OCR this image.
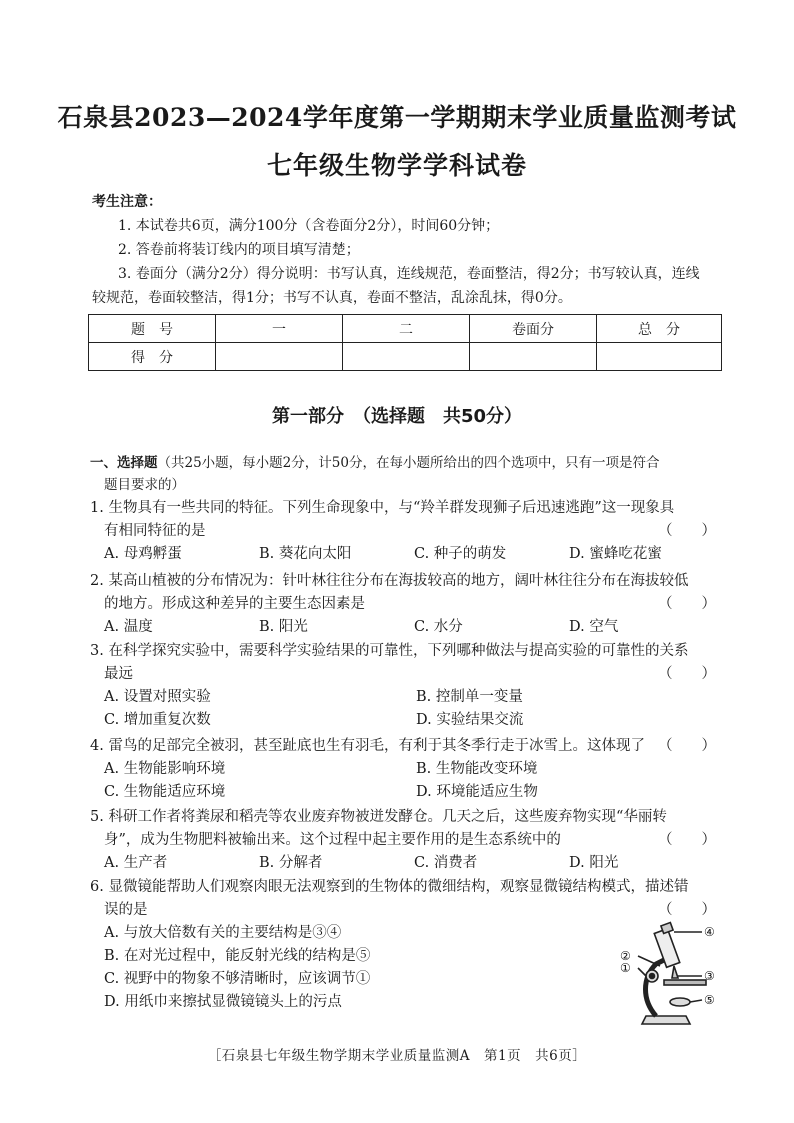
石泉县2023—2024学年度第一学期期末学业质量监测考试
七年级生物学学科试卷
考生注意：
1. 本试卷共6页，满分100分（含卷面分2分），时间60分钟；
2. 答卷前将装订线内的项目填写清楚；
3. 卷面分（满分2分）得分说明：书写认真，连线规范，卷面整洁，得2分；书写较认真，连线
较规范，卷面较整洁，得1分；书写不认真，卷面不整洁，乱涂乱抹，得0分。
题　号	一	二	卷面分	总　分
得　分				
第一部分　（选择题　共50分）
一、选择题（共25小题，每小题2分，计50分，在每小题所给出的四个选项中，只有一项是符合
题目要求的）
1. 生物具有一些共同的特征。下列生命现象中，与“羚羊群发现狮子后迅速逃跑”这一现象具
有相同特征的是	（　　）
A. 母鸡孵蛋	B. 葵花向太阳	C. 种子的萌发	D. 蜜蜂吃花蜜
2. 某高山植被的分布情况为：针叶林往往分布在海拔较高的地方，阔叶林往往分布在海拔较低
的地方。形成这种差异的主要生态因素是	（　　）
A. 温度	B. 阳光	C. 水分	D. 空气
3. 在科学探究实验中，需要科学实验结果的可靠性，下列哪种做法与提高实验的可靠性的关系
最远	（　　）
A. 设置对照实验	B. 控制单一变量
C. 增加重复次数	D. 实验结果交流
4. 雷鸟的足部完全被羽，甚至趾底也生有羽毛，有利于其冬季行走于冰雪上。这体现了 （　　）
A. 生物能影响环境	B. 生物能改变环境
C. 生物能适应环境	D. 环境能适应生物
5. 科研工作者将粪尿和稻壳等农业废弃物被迸发酵仓。几天之后，这些废弃物实现“华丽转
身”，成为生物肥料被输出来。这个过程中起主要作用的是生态系统中的	（　　）
A. 生产者	B. 分解者	C. 消费者	D. 阳光
6. 显微镜能帮助人们观察肉眼无法观察到的生物体的微细结构，观察显微镜结构模式，描述错
误的是	（　　）
A. 与放大倍数有关的主要结构是③④
B. 在对光过程中，能反射光线的结构是⑤
C. 视野中的物象不够清晰时，应该调节①
D. 用纸巾来擦拭显微镜镜头上的污点
④
②
①
③
⑤
［石泉县七年级生物学期末学业质量监测A　第1页　共6页］
